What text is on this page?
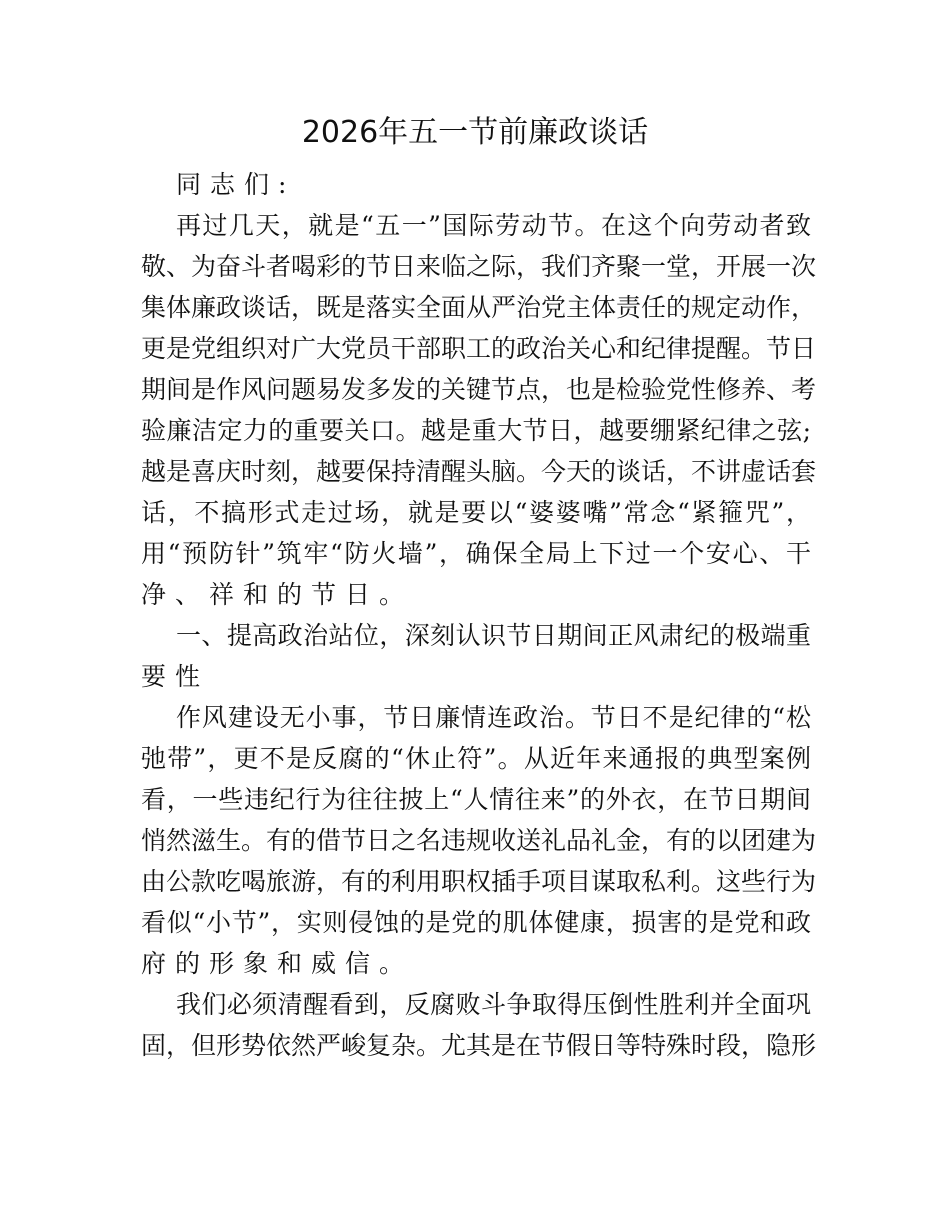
2026年五一节前廉政谈话
同志们:
再过几天，就是“五一”国际劳动节。在这个向劳动者致
敬、为奋斗者喝彩的节日来临之际，我们齐聚一堂，开展一次
集体廉政谈话，既是落实全面从严治党主体责任的规定动作，
更是党组织对广大党员干部职工的政治关心和纪律提醒。节日
期间是作风问题易发多发的关键节点，也是检验党性修养、考
验廉洁定力的重要关口。越是重大节日，越要绷紧纪律之弦;
越是喜庆时刻，越要保持清醒头脑。今天的谈话，不讲虚话套
话，不搞形式走过场，就是要以“婆婆嘴”常念“紧箍咒”，
用“预防针”筑牢“防火墙”，确保全局上下过一个安心、干
净、祥和的节日。
一、提高政治站位，深刻认识节日期间正风肃纪的极端重
要性
作风建设无小事，节日廉情连政治。节日不是纪律的“松
弛带”，更不是反腐的“休止符”。从近年来通报的典型案例
看，一些违纪行为往往披上“人情往来”的外衣，在节日期间
悄然滋生。有的借节日之名违规收送礼品礼金，有的以团建为
由公款吃喝旅游，有的利用职权插手项目谋取私利。这些行为
看似“小节”，实则侵蚀的是党的肌体健康，损害的是党和政
府的形象和威信。
我们必须清醒看到，反腐败斗争取得压倒性胜利并全面巩
固，但形势依然严峻复杂。尤其是在节假日等特殊时段，隐形
